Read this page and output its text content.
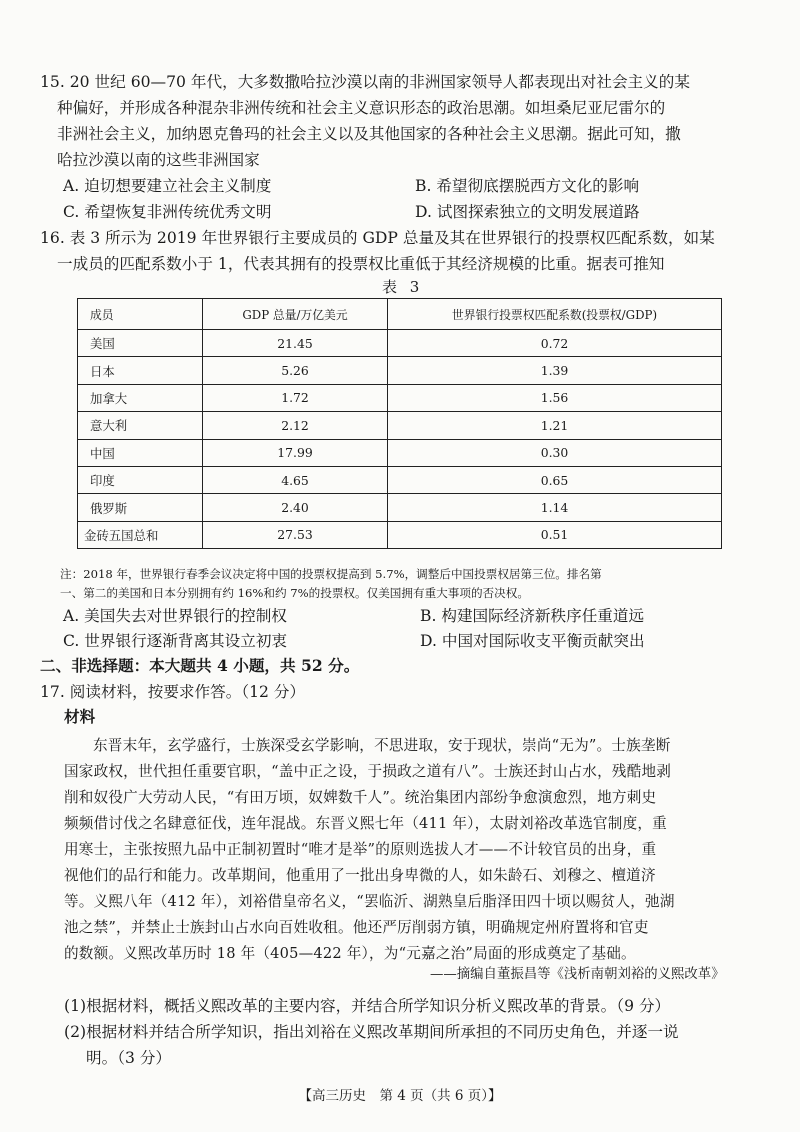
15. 20 世纪 60—70 年代，大多数撒哈拉沙漠以南的非洲国家领导人都表现出对社会主义的某
种偏好，并形成各种混杂非洲传统和社会主义意识形态的政治思潮。如坦桑尼亚尼雷尔的
非洲社会主义，加纳恩克鲁玛的社会主义以及其他国家的各种社会主义思潮。据此可知，撒
哈拉沙漠以南的这些非洲国家
A. 迫切想要建立社会主义制度	B. 希望彻底摆脱西方文化的影响
C. 希望恢复非洲传统优秀文明	D. 试图探索独立的文明发展道路
16. 表 3 所示为 2019 年世界银行主要成员的 GDP 总量及其在世界银行的投票权匹配系数，如某
一成员的匹配系数小于 1，代表其拥有的投票权比重低于其经济规模的比重。据表可推知
表 3
成员	GDP 总量/万亿美元	世界银行投票权匹配系数(投票权/GDP)
美国	21.45	0.72
日本	5.26	1.39
加拿大	1.72	1.56
意大利	2.12	1.21
中国	17.99	0.30
印度	4.65	0.65
俄罗斯	2.40	1.14
金砖五国总和	27.53	0.51
注：2018 年，世界银行春季会议决定将中国的投票权提高到 5.7%，调整后中国投票权居第三位。排名第
一、第二的美国和日本分别拥有约 16%和约 7%的投票权。仅美国拥有重大事项的否决权。
A. 美国失去对世界银行的控制权	B. 构建国际经济新秩序任重道远
C. 世界银行逐渐背离其设立初衷	D. 中国对国际收支平衡贡献突出
二、非选择题：本大题共 4 小题，共 52 分。
17. 阅读材料，按要求作答。（12 分）
材料
东晋末年，玄学盛行，士族深受玄学影响，不思进取，安于现状，崇尚“无为”。士族垄断
国家政权，世代担任重要官职，“盖中正之设，于损政之道有八”。士族还封山占水，残酷地剥
削和奴役广大劳动人民，“有田万顷，奴婢数千人”。统治集团内部纷争愈演愈烈，地方刺史
频频借讨伐之名肆意征伐，连年混战。东晋义熙七年（411 年），太尉刘裕改革选官制度，重
用寒士，主张按照九品中正制初置时“唯才是举”的原则选拔人才——不计较官员的出身，重
视他们的品行和能力。改革期间，他重用了一批出身卑微的人，如朱龄石、刘穆之、檀道济
等。义熙八年（412 年），刘裕借皇帝名义，“罢临沂、湖熟皇后脂泽田四十顷以赐贫人，弛湖
池之禁”，并禁止士族封山占水向百姓收租。他还严厉削弱方镇，明确规定州府置将和官吏
的数额。义熙改革历时 18 年（405—422 年），为“元嘉之治”局面的形成奠定了基础。
——摘编自董振昌等《浅析南朝刘裕的义熙改革》
(1)根据材料，概括义熙改革的主要内容，并结合所学知识分析义熙改革的背景。（9 分）
(2)根据材料并结合所学知识，指出刘裕在义熙改革期间所承担的不同历史角色，并逐一说
明。（3 分）
【高三历史　第 4 页（共 6 页）】
